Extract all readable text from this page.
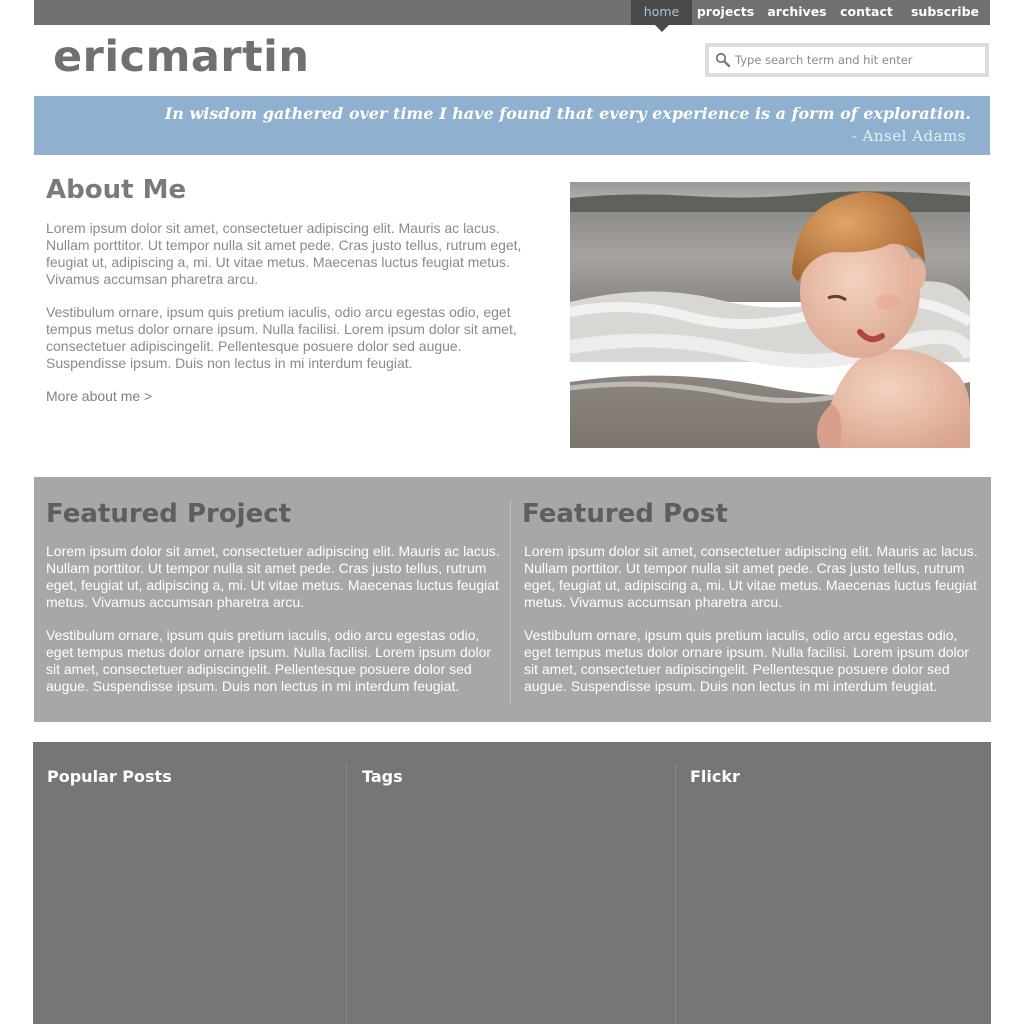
home	projects	archives	contact	subscribe
ericmartin
Type search term and hit enter
In wisdom gathered over time I have found that every experience is a form of exploration.
- Ansel Adams
About Me

Lorem ipsum dolor sit amet, consectetuer adipiscing elit. Mauris ac lacus. Nullam porttitor. Ut tempor nulla sit amet pede. Cras justo tellus, rutrum eget, feugiat ut, adipiscing a, mi. Ut vitae metus. Maecenas luctus feugiat metus. Vivamus accumsan pharetra arcu.

Vestibulum ornare, ipsum quis pretium iaculis, odio arcu egestas odio, eget tempus metus dolor ornare ipsum. Nulla facilisi. Lorem ipsum dolor sit amet, consectetuer adipiscingelit. Pellentesque posuere dolor sed augue. Suspendisse ipsum. Duis non lectus in mi interdum feugiat.

More about me >
Featured Project

Lorem ipsum dolor sit amet, consectetuer adipiscing elit. Mauris ac lacus. Nullam porttitor. Ut tempor nulla sit amet pede. Cras justo tellus, rutrum eget, feugiat ut, adipiscing a, mi. Ut vitae metus. Maecenas luctus feugiat metus. Vivamus accumsan pharetra arcu.

Vestibulum ornare, ipsum quis pretium iaculis, odio arcu egestas odio, eget tempus metus dolor ornare ipsum. Nulla facilisi. Lorem ipsum dolor sit amet, consectetuer adipiscingelit. Pellentesque posuere dolor sed augue. Suspendisse ipsum. Duis non lectus in mi interdum feugiat.

Featured Post

Lorem ipsum dolor sit amet, consectetuer adipiscing elit. Mauris ac lacus. Nullam porttitor. Ut tempor nulla sit amet pede. Cras justo tellus, rutrum eget, feugiat ut, adipiscing a, mi. Ut vitae metus. Maecenas luctus feugiat metus. Vivamus accumsan pharetra arcu.

Vestibulum ornare, ipsum quis pretium iaculis, odio arcu egestas odio, eget tempus metus dolor ornare ipsum. Nulla facilisi. Lorem ipsum dolor sit amet, consectetuer adipiscingelit. Pellentesque posuere dolor sed augue. Suspendisse ipsum. Duis non lectus in mi interdum feugiat.

Popular Posts	Tags	Flickr
